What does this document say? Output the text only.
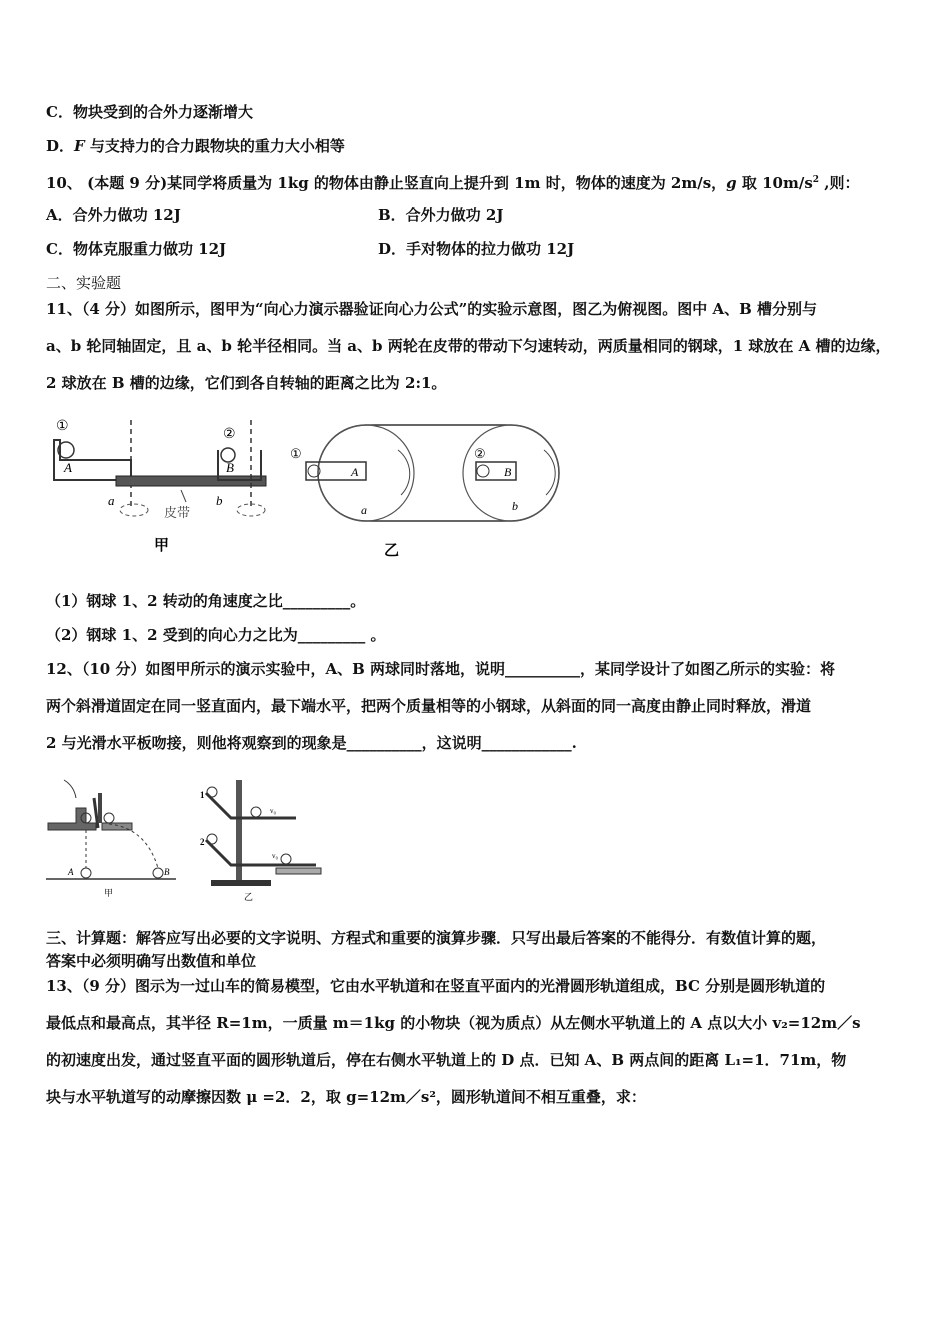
C．物块受到的合外力逐渐增大
D．F 与支持力的合力跟物块的重力大小相等
10、 (本题 9 分)某同学将质量为 1kg 的物体由静止竖直向上提升到 1m 时，物体的速度为 2m/s，g 取 $10m/s^2$ ,则：
A．合外力做功 12J	B．合外力做功 2J
C．物体克服重力做功 12J	D．手对物体的拉力做功 12J
二、实验题
11、（4 分）如图所示，图甲为“向心力演示器验证向心力公式”的实验示意图，图乙为俯视图。图中 A、B 槽分别与
a、b 轮同轴固定，且 a、b 轮半径相同。当 a、b 两轮在皮带的带动下匀速转动，两质量相同的钢球，1 球放在 A 槽的边缘，
2 球放在 B 槽的边缘，它们到各自转轴的距离之比为 2:1。
①
A
②
B
a
皮带
b
甲
①
A
②
B
a	b
乙
（1）钢球 1、2 转动的角速度之比_________。
（2）钢球 1、2 受到的向心力之比为_________ 。
12、（10 分）如图甲所示的演示实验中，A、B 两球同时落地，说明__________，某同学设计了如图乙所示的实验：将
两个斜滑道固定在同一竖直面内，最下端水平，把两个质量相等的小钢球，从斜面的同一高度由静止同时释放，滑道
2 与光滑水平板吻接，则他将观察到的现象是__________，这说明____________.
A	B
甲
v₀
v₀
1
2
乙
三、计算题：解答应写出必要的文字说明、方程式和重要的演算步骤．只写出最后答案的不能得分．有数值计算的题，
答案中必须明确写出数值和单位
13、（9 分）图示为一过山车的简易模型，它由水平轨道和在竖直平面内的光滑圆形轨道组成，BC 分别是圆形轨道的
最低点和最高点，其半径 R=1m，一质量 m＝1kg 的小物块（视为质点）从左侧水平轨道上的 A 点以大小 v₂=12m／s
的初速度出发，通过竖直平面的圆形轨道后，停在右侧水平轨道上的 D 点．已知 A、B 两点间的距离 L₁=1．71m，物
块与水平轨道写的动摩擦因数 μ =2．2，取 g=12m／s²，圆形轨道间不相互重叠，求：
